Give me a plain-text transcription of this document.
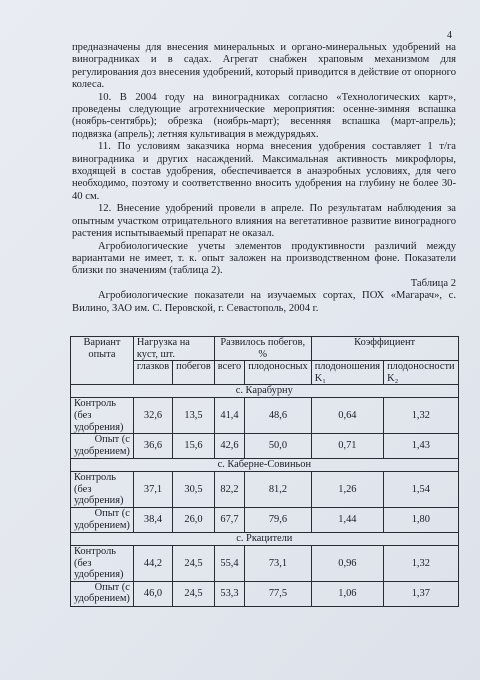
4

предназначены для внесения минеральных и органо-минеральных удобрений на виноградниках и в садах. Агрегат снабжен храповым механизмом для регулирования доз внесения удобрений, который приводится в действие от опорного колеса.

10. В 2004 году на виноградниках согласно «Технологических карт», проведены следующие агротехнические мероприятия: осенне-зимняя вспашка (ноябрь-сентябрь); обрезка (ноябрь-март); весенняя вспашка (март-апрель); подвязка (апрель); летняя культивация в междурядьях.

11. По условиям заказчика норма внесения удобрения составляет 1 т/га виноградника и других насаждений. Максимальная активность микрофлоры, входящей в состав удобрения, обеспечивается в анаэробных условиях, для чего необходимо, поэтому и соответственно вносить удобрения на глубину не более 30-40 см.

12. Внесение удобрений провели в апреле. По результатам наблюдения за опытным участком отрицательного влияния на вегетативное развитие виноградного растения испытываемый препарат не оказал.

Агробиологические учеты элементов продуктивности различий между вариантами не имеет, т. к. опыт заложен на производственном фоне. Показатели близки по значениям (таблица 2).

Таблица 2

Агробиологические показатели на изучаемых сортах, ПОХ «Магарач», с. Вилино, ЗАО им. С. Перовской, г. Севастополь, 2004 г.

Вариант опыта	Нагрузка на куст, шт.		Развилось побегов, %		Коэффициент	
	глазков	побегов	всего	плодоносных	плодоношения K₁	плодоносности K₂
с. Карабурну						
Контроль (без удобрения)	32,6	13,5	41,4	48,6	0,64	1,32
Опыт (с удобрением)	36,6	15,6	42,6	50,0	0,71	1,43
с. Каберне-Совиньон						
Контроль (без удобрения)	37,1	30,5	82,2	81,2	1,26	1,54
Опыт (с удобрением)	38,4	26,0	67,7	79,6	1,44	1,80
с. Ркацители						
Контроль (без удобрения)	44,2	24,5	55,4	73,1	0,96	1,32
Опыт (с удобрением)	46,0	24,5	53,3	77,5	1,06	1,37
